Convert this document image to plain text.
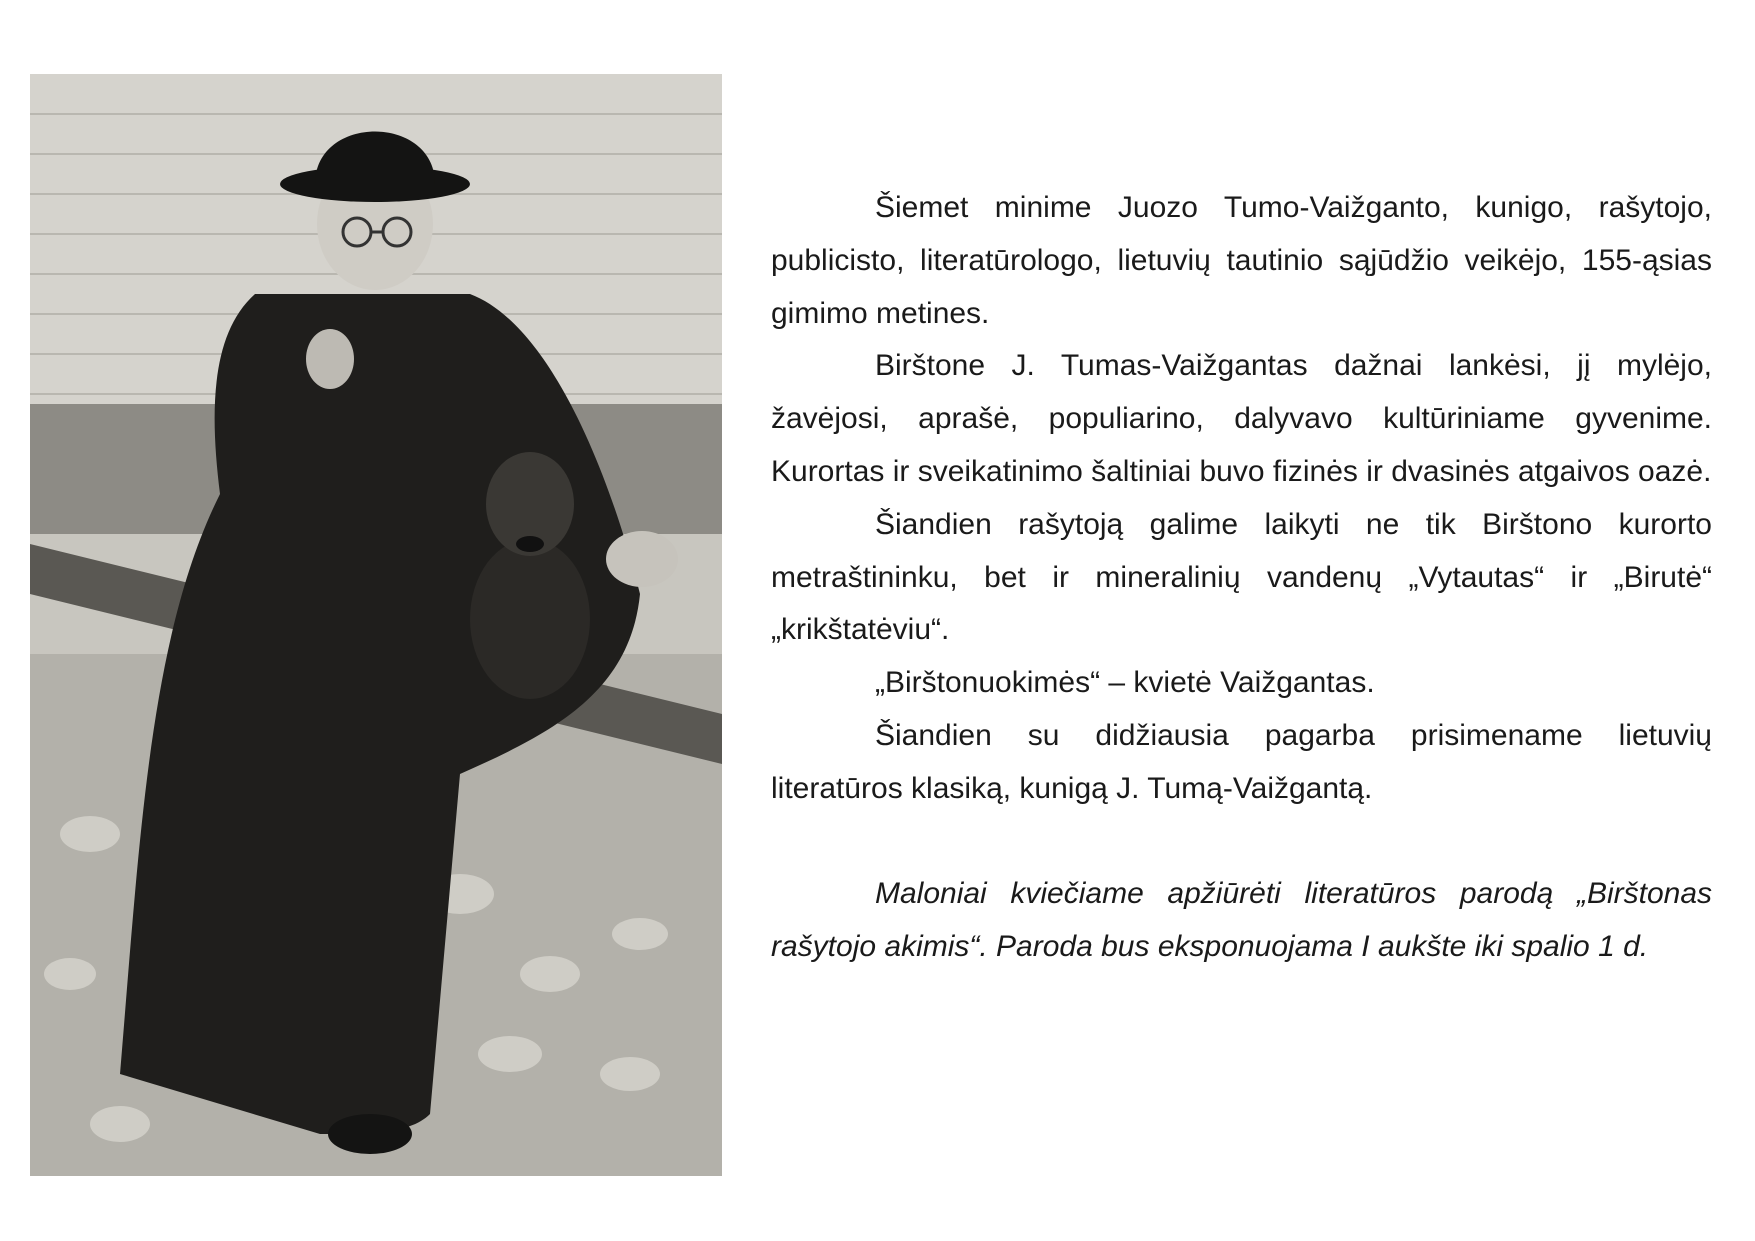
Šiemet minime Juozo Tumo-Vaižganto, kunigo, rašytojo, publicisto, literatūrologo, lietuvių tautinio sąjūdžio veikėjo, 155-ąsias gimimo metines.

Birštone J. Tumas-Vaižgantas dažnai lankėsi, jį mylėjo, žavėjosi, aprašė, populiarino, dalyvavo kultūriniame gyvenime. Kurortas ir sveikatinimo šaltiniai buvo fizinės ir dvasinės atgaivos oazė.

Šiandien rašytoją galime laikyti ne tik Birštono kurorto metraštininku, bet ir mineralinių vandenų „Vytautas“ ir „Birutė“ „krikštatėviu“.

„Birštonuokimės“ – kvietė Vaižgantas.

Šiandien su didžiausia pagarba prisimename lietuvių literatūros klasiką, kunigą J. Tumą-Vaižgantą.

Maloniai kviečiame apžiūrėti literatūros parodą „Birštonas rašytojo akimis“. Paroda bus eksponuojama I aukšte iki spalio 1 d.
